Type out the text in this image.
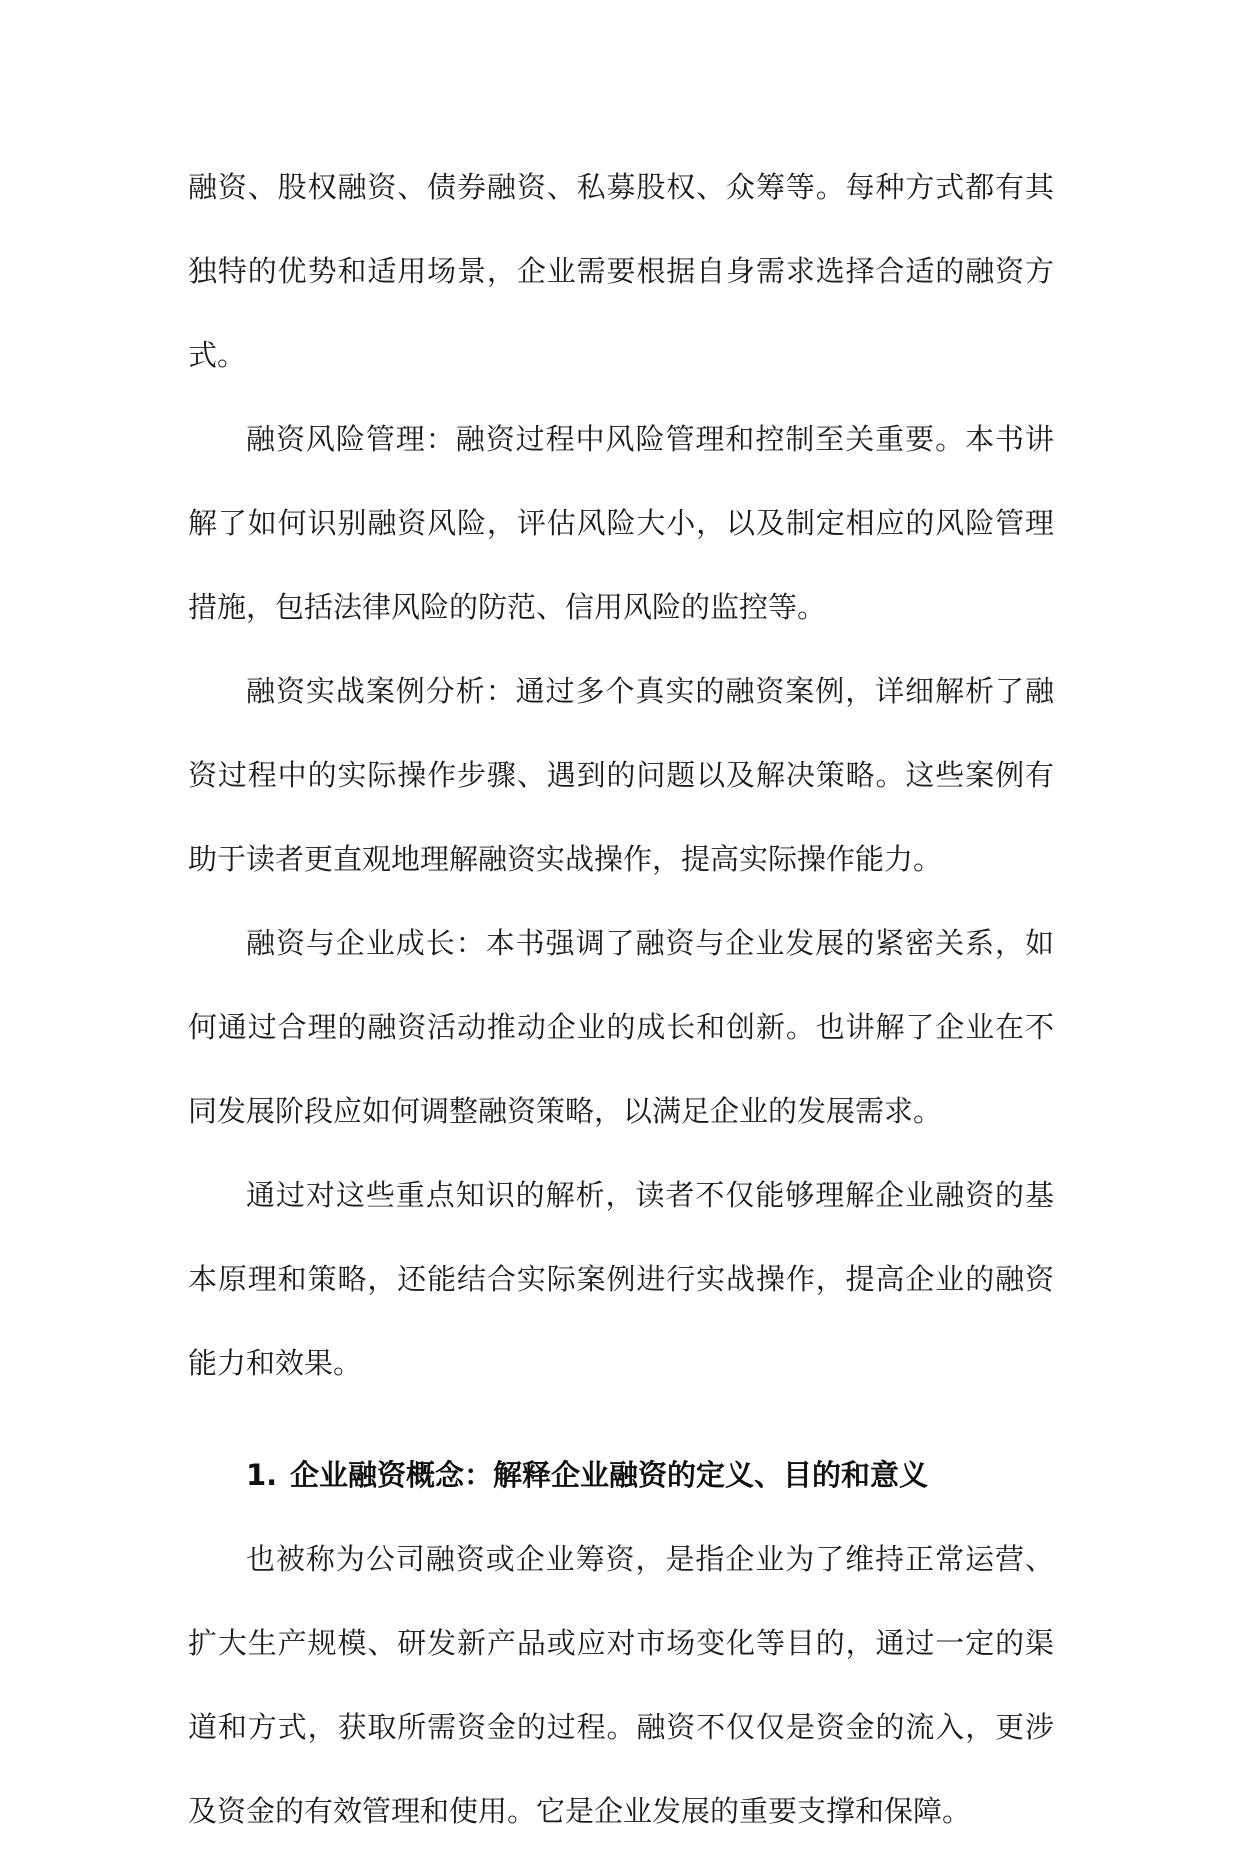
融资、股权融资、债券融资、私募股权、众筹等。每种方式都有其独特的优势和适用场景，企业需要根据自身需求选择合适的融资方式。

融资风险管理：融资过程中风险管理和控制至关重要。本书讲解了如何识别融资风险，评估风险大小，以及制定相应的风险管理措施，包括法律风险的防范、信用风险的监控等。

融资实战案例分析：通过多个真实的融资案例，详细解析了融资过程中的实际操作步骤、遇到的问题以及解决策略。这些案例有助于读者更直观地理解融资实战操作，提高实际操作能力。

融资与企业成长：本书强调了融资与企业发展的紧密关系，如何通过合理的融资活动推动企业的成长和创新。也讲解了企业在不同发展阶段应如何调整融资策略，以满足企业的发展需求。

通过对这些重点知识的解析，读者不仅能够理解企业融资的基本原理和策略，还能结合实际案例进行实战操作，提高企业的融资能力和效果。

1. 企业融资概念：解释企业融资的定义、目的和意义

也被称为公司融资或企业筹资，是指企业为了维持正常运营、扩大生产规模、研发新产品或应对市场变化等目的，通过一定的渠道和方式，获取所需资金的过程。融资不仅仅是资金的流入，更涉及资金的有效管理和使用。它是企业发展的重要支撑和保障。
